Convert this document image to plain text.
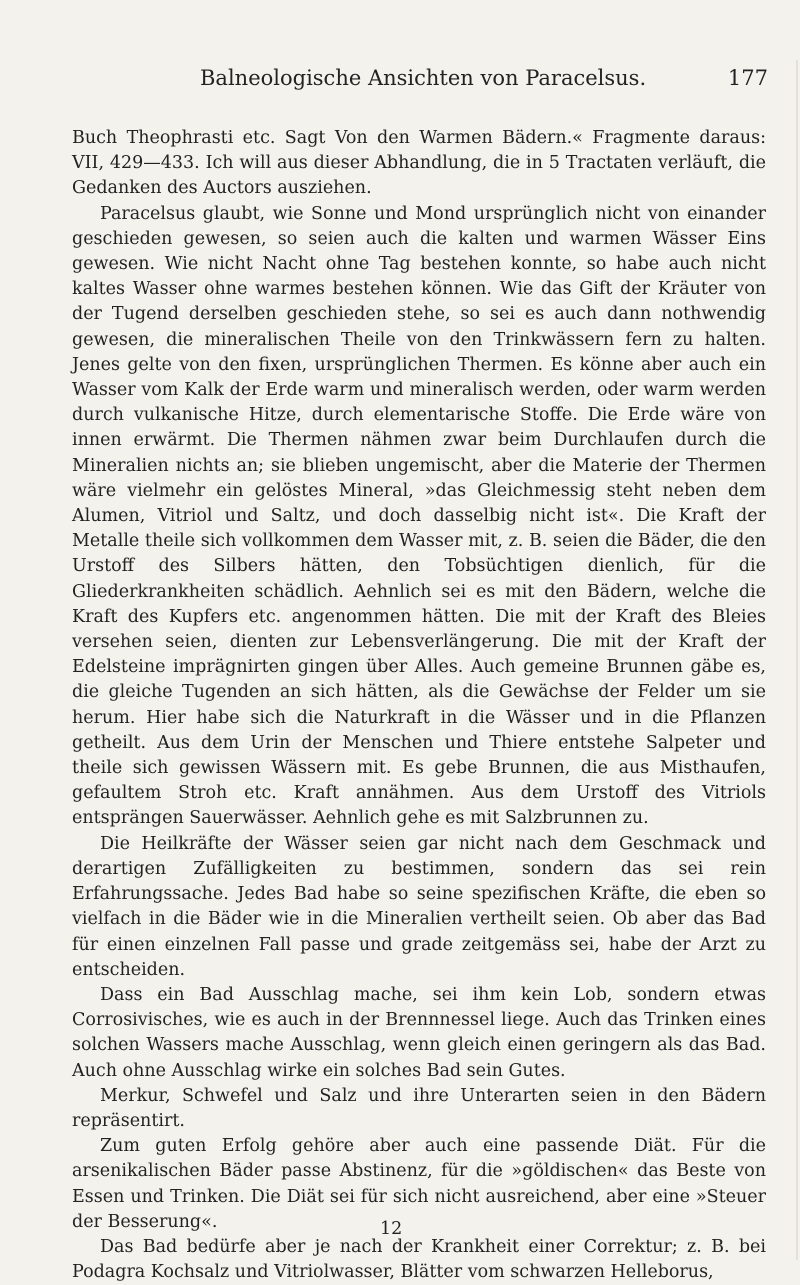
Balneologische Ansichten von Paracelsus.	177

Buch Theophrasti etc. Sagt Von den Warmen Bädern.« Fragmente daraus: VII, 429—433. Ich will aus dieser Abhandlung, die in 5 Tractaten verläuft, die Gedanken des Auctors ausziehen.

Paracelsus glaubt, wie Sonne und Mond ursprünglich nicht von einander geschieden gewesen, so seien auch die kalten und warmen Wässer Eins gewesen. Wie nicht Nacht ohne Tag bestehen konnte, so habe auch nicht kaltes Wasser ohne warmes bestehen können. Wie das Gift der Kräuter von der Tugend derselben geschieden stehe, so sei es auch dann nothwendig gewesen, die mineralischen Theile von den Trinkwässern fern zu halten. Jenes gelte von den fixen, ursprünglichen Thermen. Es könne aber auch ein Wasser vom Kalk der Erde warm und mineralisch werden, oder warm werden durch vulkanische Hitze, durch elementarische Stoffe. Die Erde wäre von innen erwärmt. Die Thermen nähmen zwar beim Durchlaufen durch die Mineralien nichts an; sie blieben ungemischt, aber die Materie der Thermen wäre vielmehr ein gelöstes Mineral, »das Gleichmessig steht neben dem Alumen, Vitriol und Saltz, und doch dasselbig nicht ist«. Die Kraft der Metalle theile sich vollkommen dem Wasser mit, z. B. seien die Bäder, die den Urstoff des Silbers hätten, den Tobsüchtigen dienlich, für die Gliederkrankheiten schädlich. Aehnlich sei es mit den Bädern, welche die Kraft des Kupfers etc. angenommen hätten. Die mit der Kraft des Bleies versehen seien, dienten zur Lebensverlängerung. Die mit der Kraft der Edelsteine imprägnirten gingen über Alles. Auch gemeine Brunnen gäbe es, die gleiche Tugenden an sich hätten, als die Gewächse der Felder um sie herum. Hier habe sich die Naturkraft in die Wässer und in die Pflanzen getheilt. Aus dem Urin der Menschen und Thiere entstehe Salpeter und theile sich gewissen Wässern mit. Es gebe Brunnen, die aus Misthaufen, gefaultem Stroh etc. Kraft annähmen. Aus dem Urstoff des Vitriols entsprängen Sauerwässer. Aehnlich gehe es mit Salzbrunnen zu.

Die Heilkräfte der Wässer seien gar nicht nach dem Geschmack und derartigen Zufälligkeiten zu bestimmen, sondern das sei rein Erfahrungssache. Jedes Bad habe so seine spezifischen Kräfte, die eben so vielfach in die Bäder wie in die Mineralien vertheilt seien. Ob aber das Bad für einen einzelnen Fall passe und grade zeitgemäss sei, habe der Arzt zu entscheiden.

Dass ein Bad Ausschlag mache, sei ihm kein Lob, sondern etwas Corrosivisches, wie es auch in der Brennnessel liege. Auch das Trinken eines solchen Wassers mache Ausschlag, wenn gleich einen geringern als das Bad. Auch ohne Ausschlag wirke ein solches Bad sein Gutes.

Merkur, Schwefel und Salz und ihre Unterarten seien in den Bädern repräsentirt.

Zum guten Erfolg gehöre aber auch eine passende Diät. Für die arsenikalischen Bäder passe Abstinenz, für die »göldischen« das Beste von Essen und Trinken. Die Diät sei für sich nicht ausreichend, aber eine »Steuer der Besserung«.

Das Bad bedürfe aber je nach der Krankheit einer Correktur; z. B. bei Podagra Kochsalz und Vitriolwasser, Blätter vom schwarzen Helleborus,

12
